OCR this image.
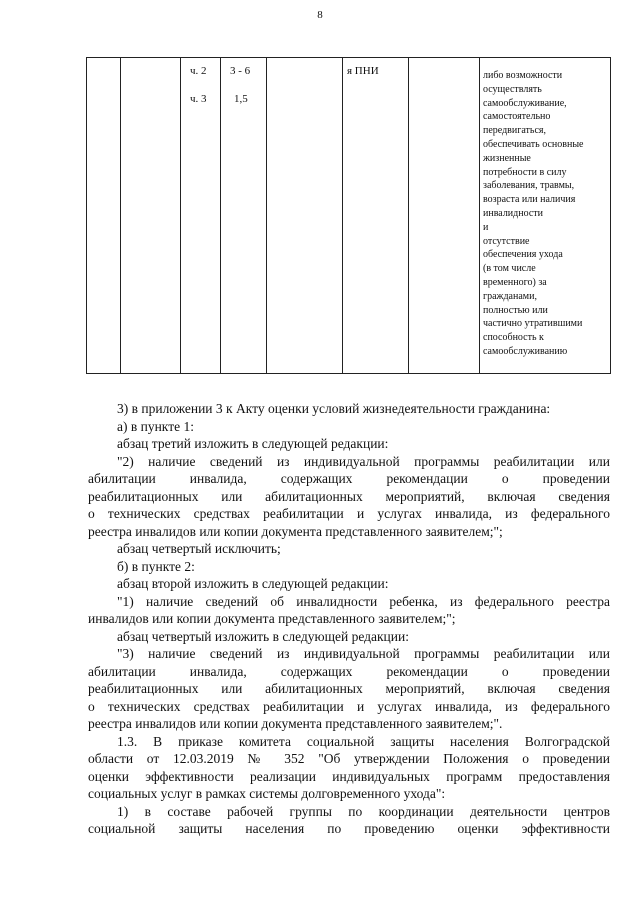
8
ч. 2 3 - 6
ч. 3 1,5
я ПНИ	либо возможности
осуществлять
самообслуживание,
самостоятельно
передвигаться,
обеспечивать основные
жизненные
потребности в силу
заболевания, травмы,
возраста или наличия
инвалидности
и
отсутствие
обеспечения ухода
(в том числе
временного) за
гражданами,
полностью или
частично утратившими
способность к
самообслуживанию
3) в приложении 3 к Акту оценки условий жизнедеятельности гражданина:
а) в пункте 1:
абзац третий изложить в следующей редакции:
"2) наличие сведений из индивидуальной программы реабилитации или
абилитации инвалида, содержащих рекомендации о проведении
реабилитационных или абилитационных мероприятий, включая сведения
о технических средствах реабилитации и услугах инвалида, из федерального
реестра инвалидов или копии документа представленного заявителем;";
абзац четвертый исключить;
б) в пункте 2:
абзац второй изложить в следующей редакции:
"1) наличие сведений об инвалидности ребенка, из федерального реестра
инвалидов или копии документа представленного заявителем;";
абзац четвертый изложить в следующей редакции:
"3) наличие сведений из индивидуальной программы реабилитации или
абилитации инвалида, содержащих рекомендации о проведении
реабилитационных или абилитационных мероприятий, включая сведения
о технических средствах реабилитации и услугах инвалида, из федерального
реестра инвалидов или копии документа представленного заявителем;".
1.3. В приказе комитета социальной защиты населения Волгоградской
области от 12.03.2019 № 352 "Об утверждении Положения о проведении
оценки эффективности реализации индивидуальных программ предоставления
социальных услуг в рамках системы долговременного ухода":
1) в составе рабочей группы по координации деятельности центров
социальной защиты населения по проведению оценки эффективности
